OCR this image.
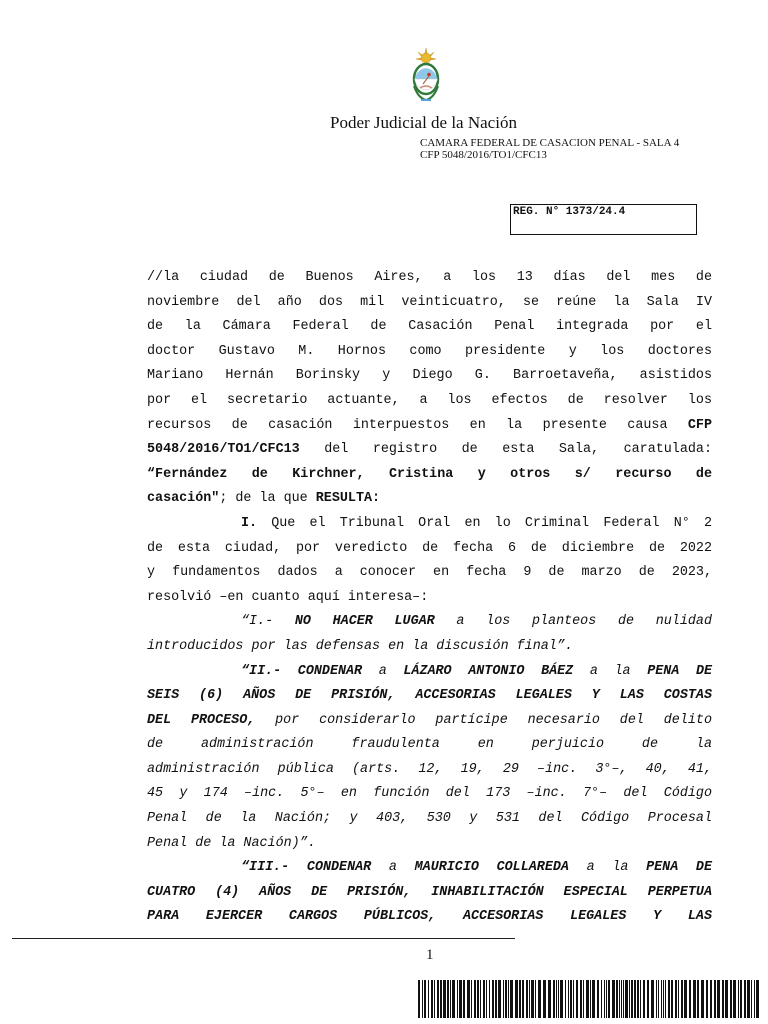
Poder Judicial de la Nación
CAMARA FEDERAL DE CASACION PENAL - SALA 4
CFP 5048/2016/TO1/CFC13
REG. N° 1373/24.4
//la ciudad de Buenos Aires, a los 13 días del mes de
noviembre del año dos mil veinticuatro, se reúne la Sala IV
de la Cámara Federal de Casación Penal integrada por el
doctor Gustavo M. Hornos como presidente y los doctores
Mariano Hernán Borinsky y Diego G. Barroetaveña, asistidos
por el secretario actuante, a los efectos de resolver los
recursos de casación interpuestos en la presente causa CFP
5048/2016/TO1/CFC13 del registro de esta Sala, caratulada:
“Fernández de Kirchner, Cristina y otros s/ recurso de
casación"; de la que RESULTA:
I. Que el Tribunal Oral en lo Criminal Federal N° 2
de esta ciudad, por veredicto de fecha 6 de diciembre de 2022
y fundamentos dados a conocer en fecha 9 de marzo de 2023,
resolvió –en cuanto aquí interesa–:
“I.- NO HACER LUGAR a los planteos de nulidad
introducidos por las defensas en la discusión final”.
“II.- CONDENAR a LÁZARO ANTONIO BÁEZ a la PENA DE
SEIS (6) AÑOS DE PRISIÓN, ACCESORIAS LEGALES Y LAS COSTAS
DEL PROCESO, por considerarlo partícipe necesario del delito
de administración fraudulenta en perjuicio de la
administración pública (arts. 12, 19, 29 –inc. 3°–, 40, 41,
45 y 174 –inc. 5°– en función del 173 –inc. 7°– del Código
Penal de la Nación; y 403, 530 y 531 del Código Procesal
Penal de la Nación)”.
“III.- CONDENAR a MAURICIO COLLAREDA a la PENA DE
CUATRO (4) AÑOS DE PRISIÓN, INHABILITACIÓN ESPECIAL PERPETUA
PARA EJERCER CARGOS PÚBLICOS, ACCESORIAS LEGALES Y LAS
1
